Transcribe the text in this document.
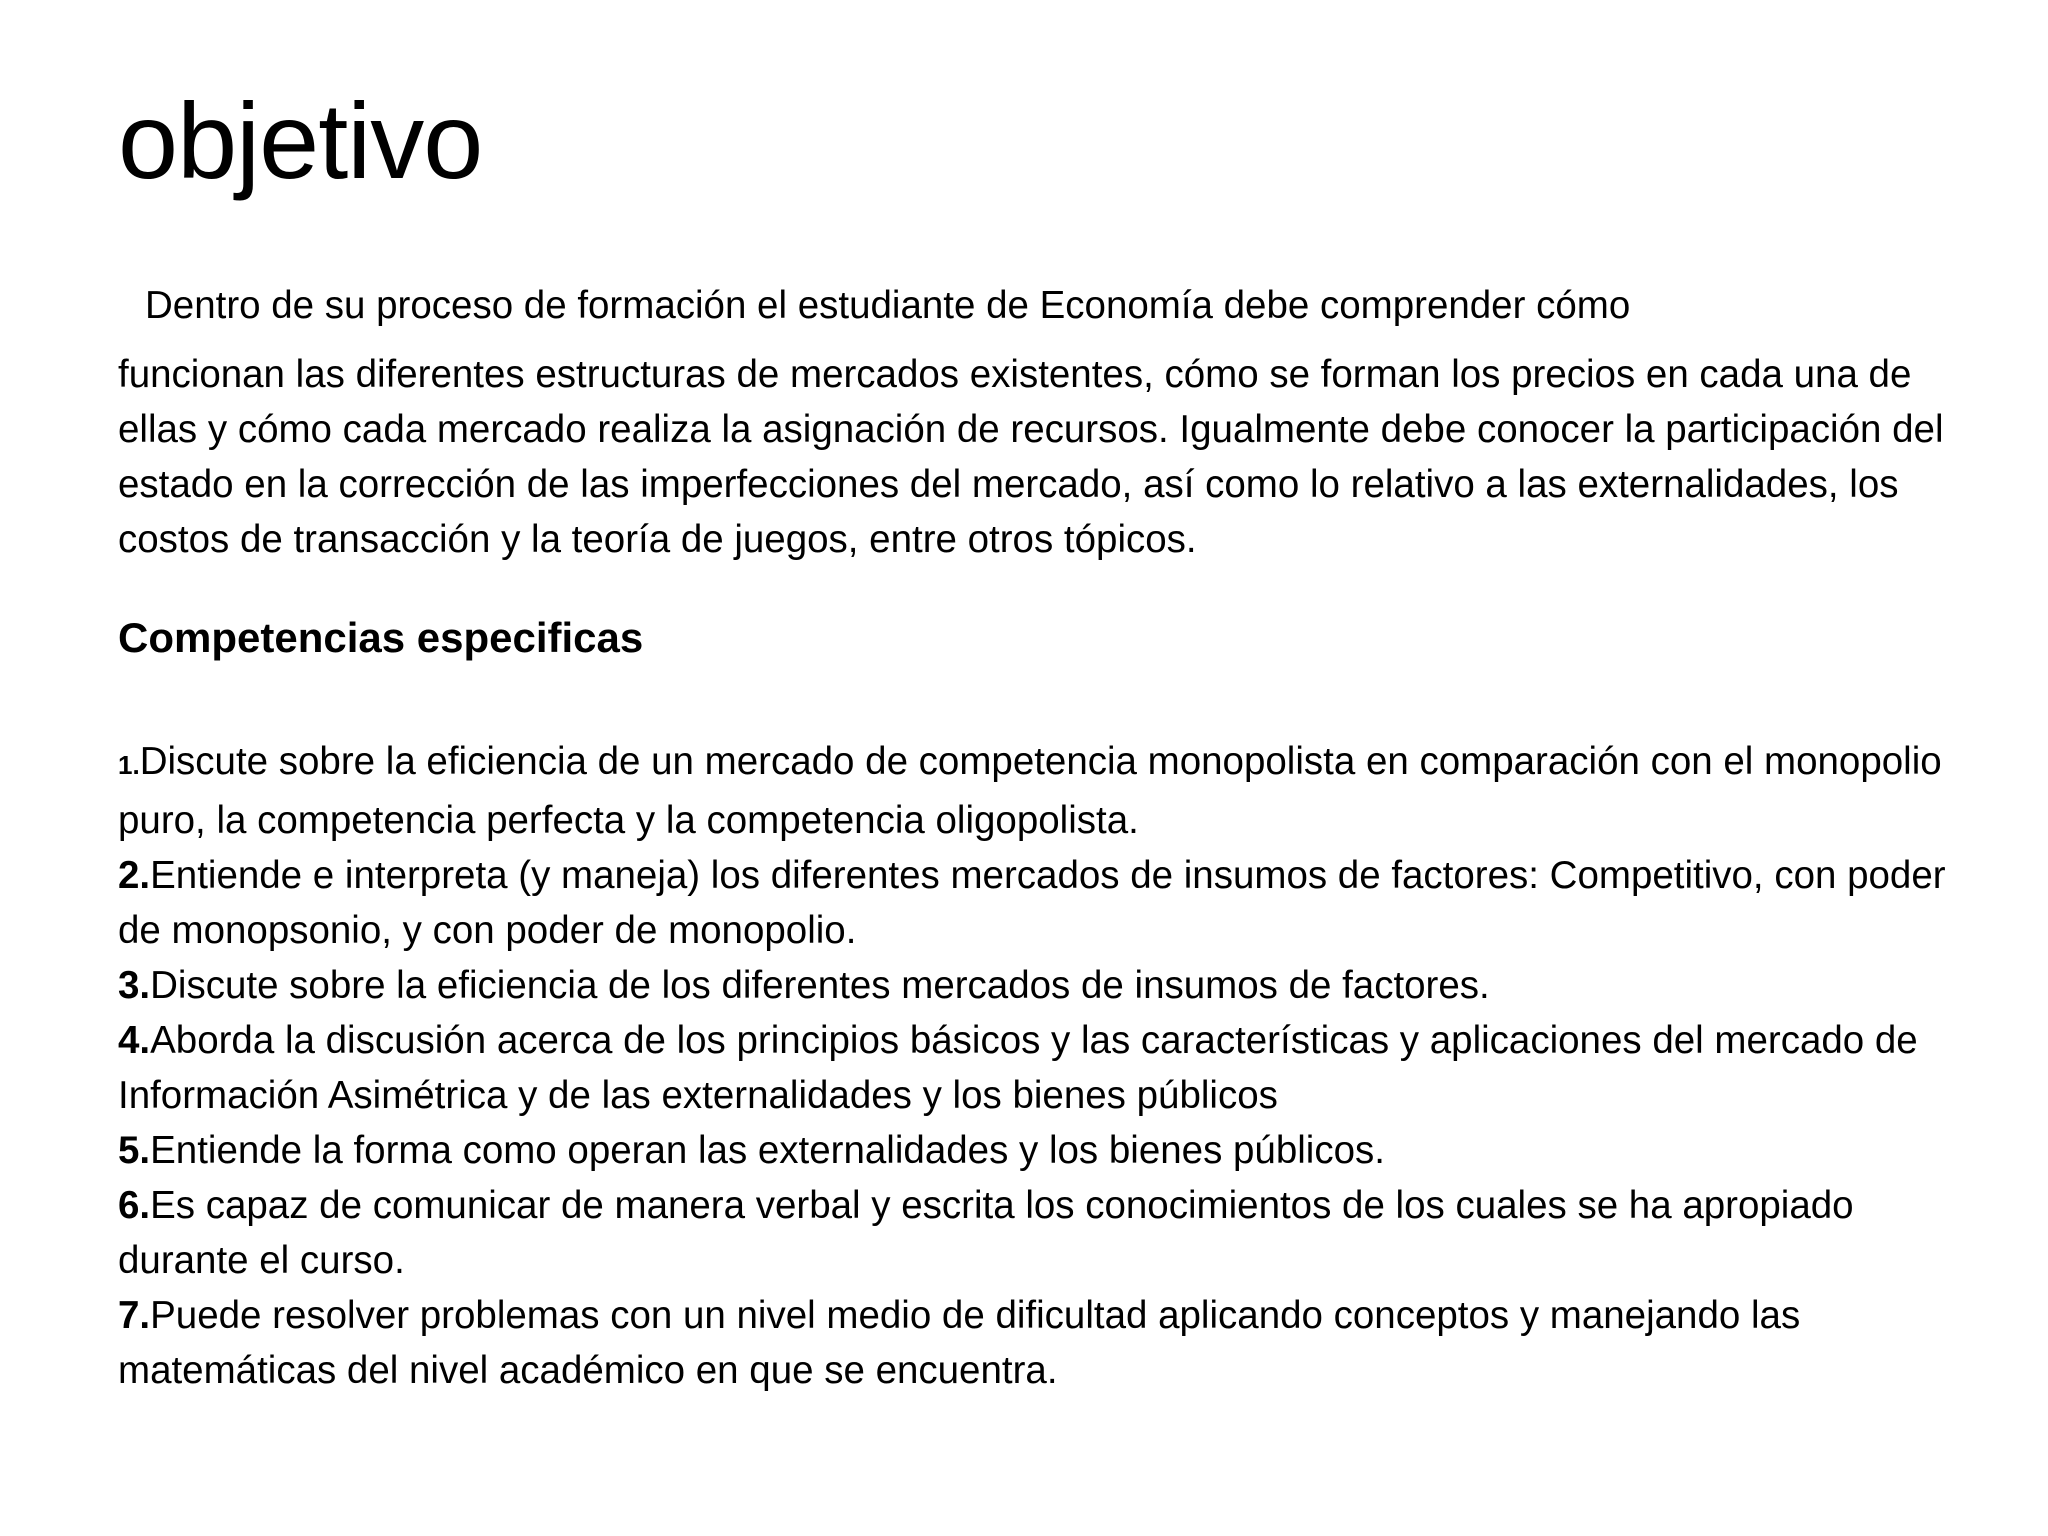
objetivo

Dentro de su proceso de formación el estudiante de Economía debe comprender cómo
funcionan las diferentes estructuras de mercados existentes, cómo se forman los precios en cada una de ellas y cómo cada mercado realiza la asignación de recursos. Igualmente debe conocer la participación del estado en la corrección de las imperfecciones del mercado, así como lo relativo a las externalidades, los costos de transacción y la teoría de juegos, entre otros tópicos.

Competencias especificas
1.Discute sobre la eficiencia de un mercado de competencia monopolista en comparación con el monopolio puro, la competencia perfecta y la competencia oligopolista.
2.Entiende e interpreta (y maneja) los diferentes mercados de insumos de factores: Competitivo, con poder de monopsonio, y con poder de monopolio.
3.Discute sobre la eficiencia de los diferentes mercados de insumos de factores.
4.Aborda la discusión acerca de los principios básicos y las características y aplicaciones del mercado de Información Asimétrica y de las externalidades y los bienes públicos
5.Entiende la forma como operan las externalidades y los bienes públicos.
6.Es capaz de comunicar de manera verbal y escrita los conocimientos de los cuales se ha apropiado durante el curso.
7.Puede resolver problemas con un nivel medio de dificultad aplicando conceptos y manejando las matemáticas del nivel académico en que se encuentra.
